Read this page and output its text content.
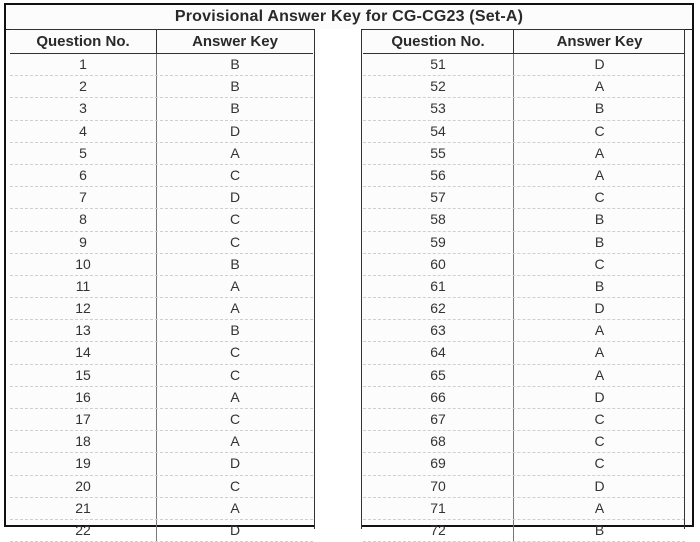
Provisional Answer Key for CG-CG23 (Set-A)
Question No.	Answer Key
1	B
2	B
3	B
4	D
5	A
6	C
7	D
8	C
9	C
10	B
11	A
12	A
13	B
14	C
15	C
16	A
17	C
18	A
19	D
20	C
21	A
22	D
Question No.	Answer Key
51	D
52	A
53	B
54	C
55	A
56	A
57	C
58	B
59	B
60	C
61	B
62	D
63	A
64	A
65	A
66	D
67	C
68	C
69	C
70	D
71	A
72	B
